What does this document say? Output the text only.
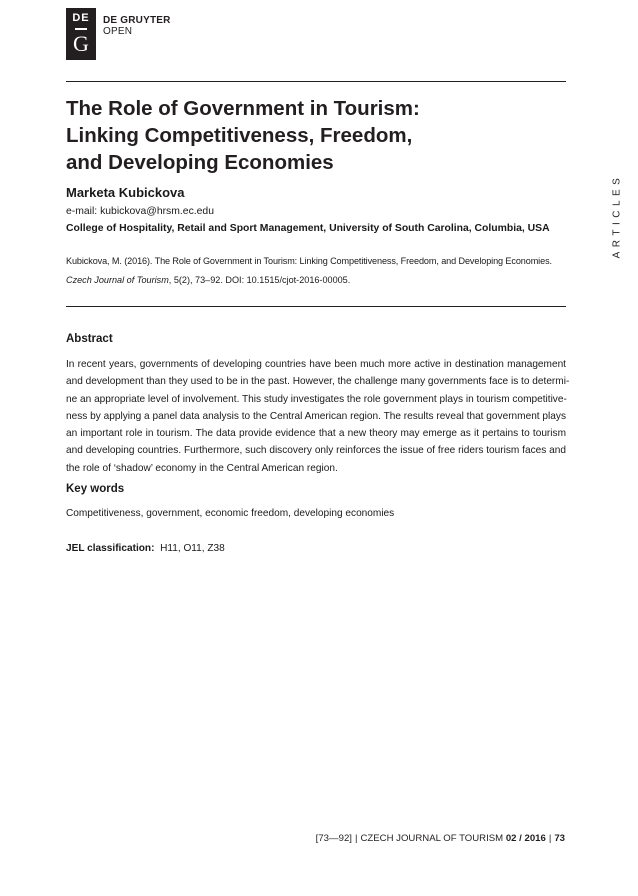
DE
G
DE GRUYTER
OPEN
The Role of Government in Tourism:
Linking Competitiveness, Freedom,
and Developing Economies
Marketa Kubickova
e-mail: kubickova@hrsm.ec.edu
College of Hospitality, Retail and Sport Management, University of South Carolina, Columbia, USA
Kubickova, M. (2016). The Role of Government in Tourism: Linking Competitiveness, Freedom, and Developing Economies.
Czech Journal of Tourism, 5(2), 73–92. DOI: 10.1515/cjot-2016-00005.
ARTICLES
Abstract
In recent years, governments of developing countries have been much more active in destination management
and development than they used to be in the past. However, the challenge many governments face is to determi-
ne an appropriate level of involvement. This study investigates the role government plays in tourism competitive-
ness by applying a panel data analysis to the Central American region. The results reveal that government plays
an important role in tourism. The data provide evidence that a new theory may emerge as it pertains to tourism
and developing countries. Furthermore, such discovery only reinforces the issue of free riders tourism faces and
the role of ‘shadow’ economy in the Central American region.
Key words
Competitiveness, government, economic freedom, developing economies
JEL classification: H11, O11, Z38
[73—92] | CZECH JOURNAL OF TOURISM 02 / 2016 | 73
